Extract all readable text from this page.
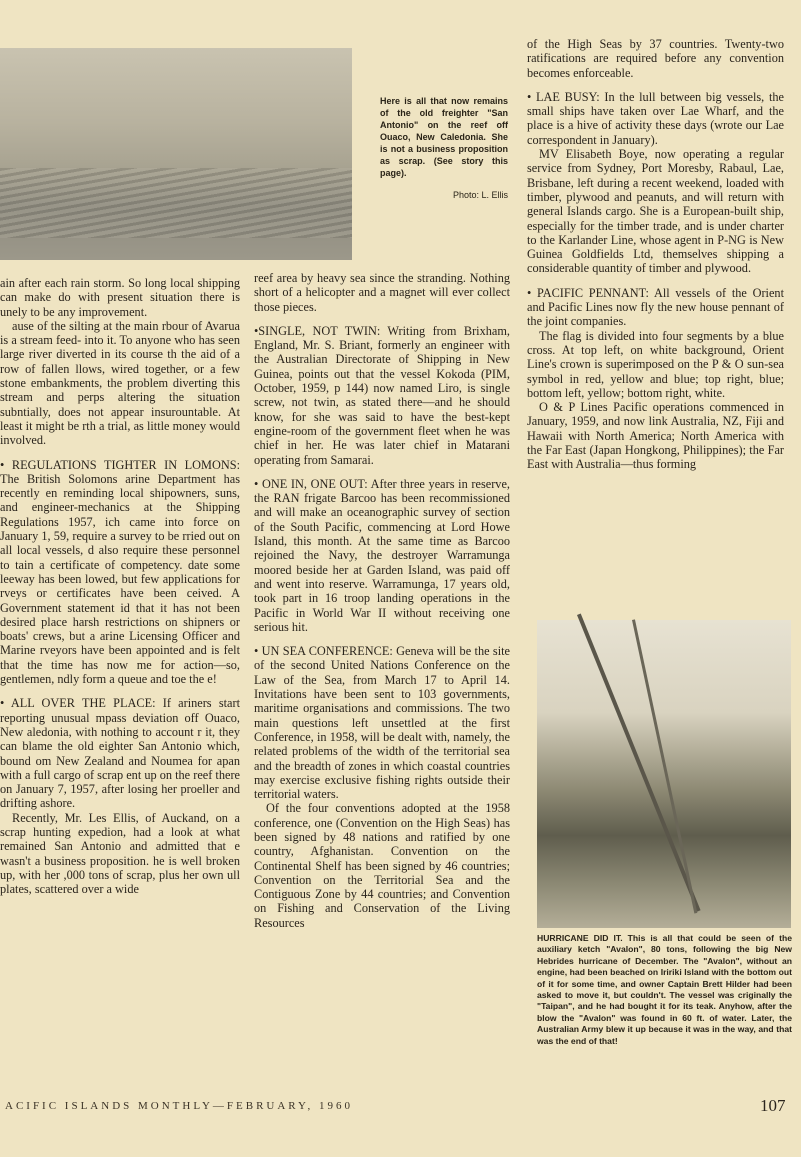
Here is all that now remains of the old freighter "San Antonio" on the reef off Ouaco, New Caledonia. She is not a business proposition as scrap. (See story this page).
Photo: L. Ellis

ain after each rain storm. So long local shipping can make do with present situation there is unely to be any improvement.

ause of the silting at the main rbour of Avarua is a stream feed- into it. To anyone who has seen large river diverted in its course th the aid of a row of fallen llows, wired together, or a few stone embankments, the problem diverting this stream and perps altering the situation subntially, does not appear insurountable. At least it might be rth a trial, as little money would involved.

• REGULATIONS TIGHTER IN LOMONS: The British Solomons arine Department has recently en reminding local shipowners, suns, and engineer-mechanics at the Shipping Regulations 1957, ich came into force on January 1, 59, require a survey to be rried out on all local vessels, d also require these personnel to tain a certificate of competency. date some leeway has been lowed, but few applications for rveys or certificates have been ceived. A Government statement id that it has not been desired place harsh restrictions on shipners or boats' crews, but a arine Licensing Officer and Marine rveyors have been appointed and is felt that the time has now me for action—so, gentlemen, ndly form a queue and toe the e!

• ALL OVER THE PLACE: If ariners start reporting unusual mpass deviation off Ouaco, New aledonia, with nothing to account r it, they can blame the old eighter San Antonio which, bound om New Zealand and Noumea for apan with a full cargo of scrap ent up on the reef there on January 7, 1957, after losing her proeller and drifting ashore.

Recently, Mr. Les Ellis, of Auckand, on a scrap hunting expedion, had a look at what remained San Antonio and admitted that e wasn't a business proposition. he is well broken up, with her ,000 tons of scrap, plus her own ull plates, scattered over a wide

reef area by heavy sea since the stranding. Nothing short of a helicopter and a magnet will ever collect those pieces.

•SINGLE, NOT TWIN: Writing from Brixham, England, Mr. S. Briant, formerly an engineer with the Australian Directorate of Shipping in New Guinea, points out that the vessel Kokoda (PIM, October, 1959, p 144) now named Liro, is single screw, not twin, as stated there—and he should know, for she was said to have the best-kept engine-room of the government fleet when he was chief in her. He was later chief in Matarani operating from Samarai.

• ONE IN, ONE OUT: After three years in reserve, the RAN frigate Barcoo has been recommissioned and will make an oceanographic survey of section of the South Pacific, commencing at Lord Howe Island, this month. At the same time as Barcoo rejoined the Navy, the destroyer Warramunga moored beside her at Garden Island, was paid off and went into reserve. Warramunga, 17 years old, took part in 16 troop landing operations in the Pacific in World War II without receiving one serious hit.

• UN SEA CONFERENCE: Geneva will be the site of the second United Nations Conference on the Law of the Sea, from March 17 to April 14. Invitations have been sent to 103 governments, maritime organisations and commissions. The two main questions left unsettled at the first Conference, in 1958, will be dealt with, namely, the related problems of the width of the territorial sea and the breadth of zones in which coastal countries may exercise exclusive fishing rights outside their territorial waters.

Of the four conventions adopted at the 1958 conference, one (Convention on the High Seas) has been signed by 48 nations and ratified by one country, Afghanistan. Convention on the Continental Shelf has been signed by 46 countries; Convention on the Territorial Sea and the Contiguous Zone by 44 countries; and Convention on Fishing and Conservation of the Living Resources

of the High Seas by 37 countries. Twenty-two ratifications are required before any convention becomes enforceable.

• LAE BUSY: In the lull between big vessels, the small ships have taken over Lae Wharf, and the place is a hive of activity these days (wrote our Lae correspondent in January).

MV Elisabeth Boye, now operating a regular service from Sydney, Port Moresby, Rabaul, Lae, Brisbane, left during a recent weekend, loaded with timber, plywood and peanuts, and will return with general Islands cargo. She is a European-built ship, especially for the timber trade, and is under charter to the Karlander Line, whose agent in P-NG is New Guinea Goldfields Ltd, themselves shipping a considerable quantity of timber and plywood.

• PACIFIC PENNANT: All vessels of the Orient and Pacific Lines now fly the new house pennant of the joint companies.

The flag is divided into four segments by a blue cross. At top left, on white background, Orient Line's crown is superimposed on the P & O sun-sea symbol in red, yellow and blue; top right, blue; bottom left, yellow; bottom right, white.

O & P Lines Pacific operations commenced in January, 1959, and now link Australia, NZ, Fiji and Hawaii with North America; North America with the Far East (Japan Hongkong, Philippines); the Far East with Australia—thus forming

HURRICANE DID IT. This is all that could be seen of the auxiliary ketch "Avalon", 80 tons, following the big New Hebrides hurricane of December. The "Avalon", without an engine, had been beached on Iririki Island with the bottom out of it for some time, and owner Captain Brett Hilder had been asked to move it, but couldn't. The vessel was criginally the "Taipan", and he had bought it for its teak. Anyhow, after the blow the "Avalon" was found in 60 ft. of water. Later, the Australian Army blew it up because it was in the way, and that was the end of that!
ACIFIC ISLANDS MONTHLY—FEBRUARY, 1960	107
